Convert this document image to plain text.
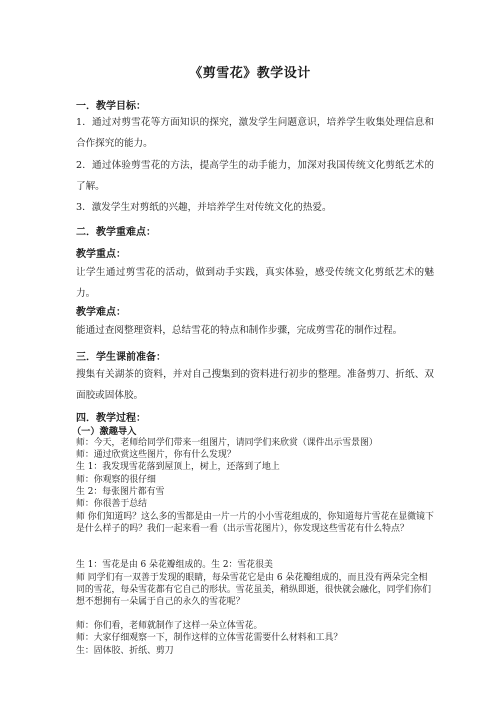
《剪雪花》教学设计
一．教学目标：
1．通过对剪雪花等方面知识的探究，激发学生问题意识，培养学生收集处理信息和合作探究的能力。
2．通过体验剪雪花的方法，提高学生的动手能力，加深对我国传统文化剪纸艺术的了解。
3．激发学生对剪纸的兴趣，并培养学生对传统文化的热爱。
二．教学重难点：
教学重点：
让学生通过剪雪花的活动，做到动手实践，真实体验，感受传统文化剪纸艺术的魅力。
教学难点：
能通过查阅整理资料，总结雪花的特点和制作步骤，完成剪雪花的制作过程。
三．学生课前准备：
搜集有关湖茶的资料，并对自己搜集到的资料进行初步的整理。准备剪刀、折纸、双面胶或固体胶。
四．教学过程：
（一）激趣导入
师：今天，老师给同学们带来一组图片，请同学们来欣赏（课件出示雪景图）
师：通过欣赏这些图片，你有什么发现？
生 1：我发现雪花落到屋顶上，树上，还落到了地上
师：你观察的很仔细
生 2：每张图片都有雪
师：你很善于总结
师 你们知道吗？这么多的雪都是由一片一片的小小雪花组成的，你知道每片雪花在显微镜下是什么样子的吗？我们一起来看一看（出示雪花图片），你发现这些雪花有什么特点？
生 1：雪花是由 6 朵花瓣组成的。生 2：雪花很美
师 同学们有一双善于发现的眼睛，每朵雪花它是由 6 朵花瓣组成的，而且没有两朵完全相同的雪花，每朵雪花都有它自己的形状。雪花虽美，稍纵即逝，很快就会融化，同学们你们想不想拥有一朵属于自己的永久的雪花呢？
师：你们看，老师就制作了这样一朵立体雪花。
师：大家仔细观察一下，制作这样的立体雪花需要什么材料和工具？
生：固体胶、折纸、剪刀
